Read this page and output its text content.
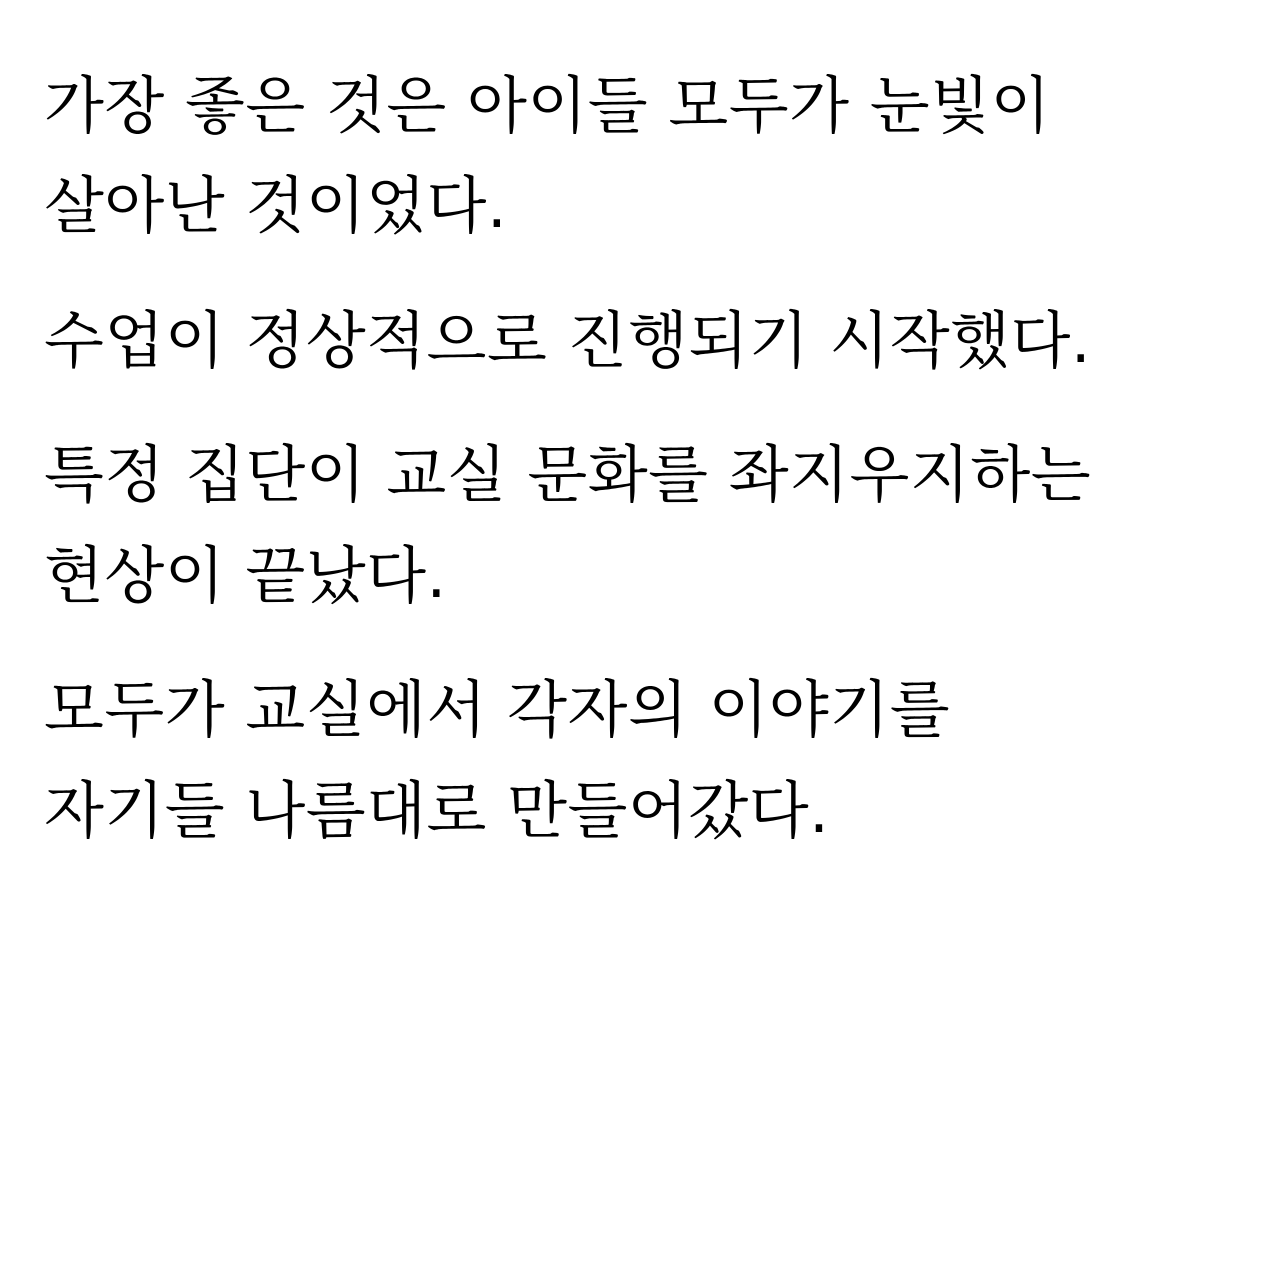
가장 좋은 것은 아이들 모두가 눈빛이
살아난 것이었다.
수업이 정상적으로 진행되기 시작했다.
특정 집단이 교실 문화를 좌지우지하는
현상이 끝났다.
모두가 교실에서 각자의 이야기를
자기들 나름대로 만들어갔다.
